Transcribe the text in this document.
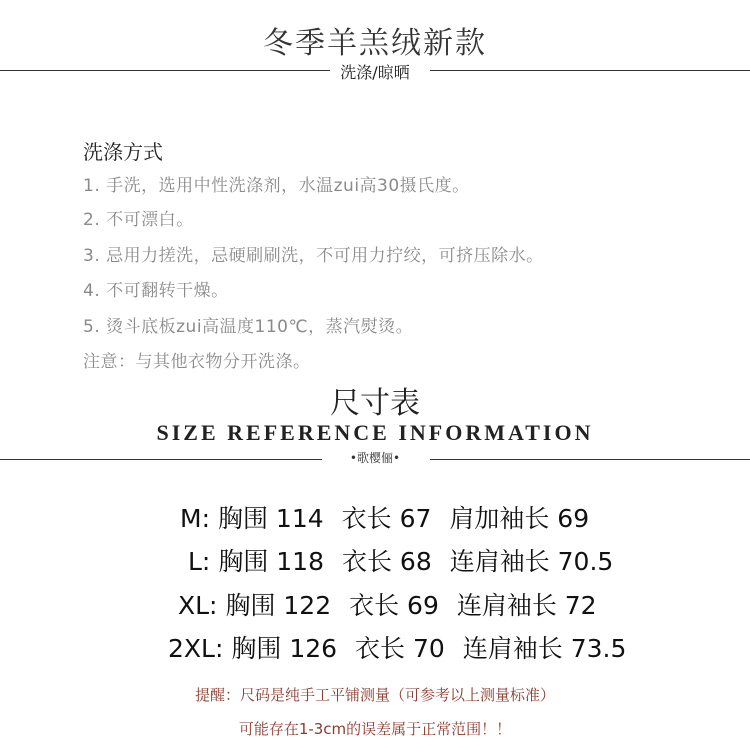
冬季羊羔绒新款
洗涤/晾晒
洗涤方式
1. 手洗，选用中性洗涤剂，水温zui高30摄氏度。
2. 不可漂白。
3. 忌用力搓洗，忌硬刷刷洗，不可用力拧绞，可挤压除水。
4. 不可翻转干燥。
5. 烫斗底板zui高温度110℃，蒸汽熨烫。
注意：与其他衣物分开洗涤。
尺寸表
SIZE REFERENCE INFORMATION
•歌樱俪•
M: 胸围 114 衣长 67 肩加袖长 69
L: 胸围 118 衣长 68 连肩袖长 70.5
XL: 胸围 122 衣长 69 连肩袖长 72
2XL: 胸围 126 衣长 70 连肩袖长 73.5
提醒：尺码是纯手工平铺测量（可参考以上测量标准）
可能存在1-3cm的误差属于正常范围！！
